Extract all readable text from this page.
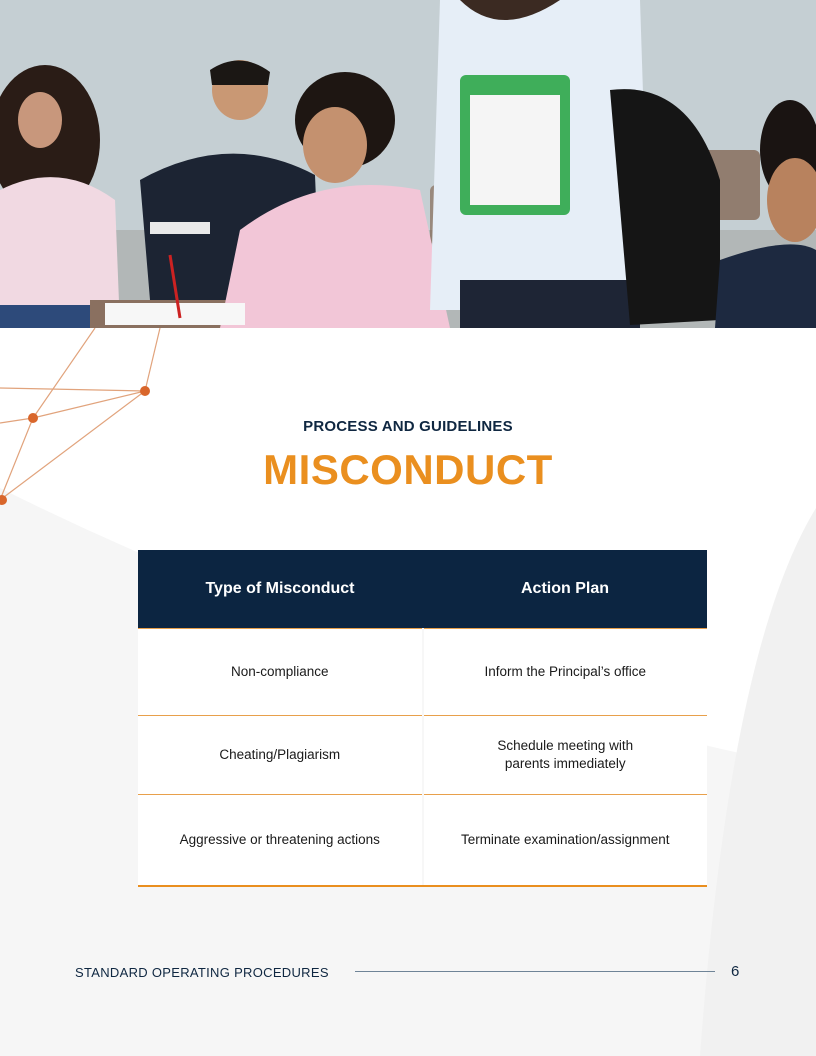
PROCESS AND GUIDELINES
MISCONDUCT
Type of Misconduct	Action Plan
Non-compliance	Inform the Principal’s office
Cheating/Plagiarism	Schedule meeting with
parents immediately
Aggressive or threatening actions	Terminate examination/assignment
STANDARD OPERATING PROCEDURES	6
